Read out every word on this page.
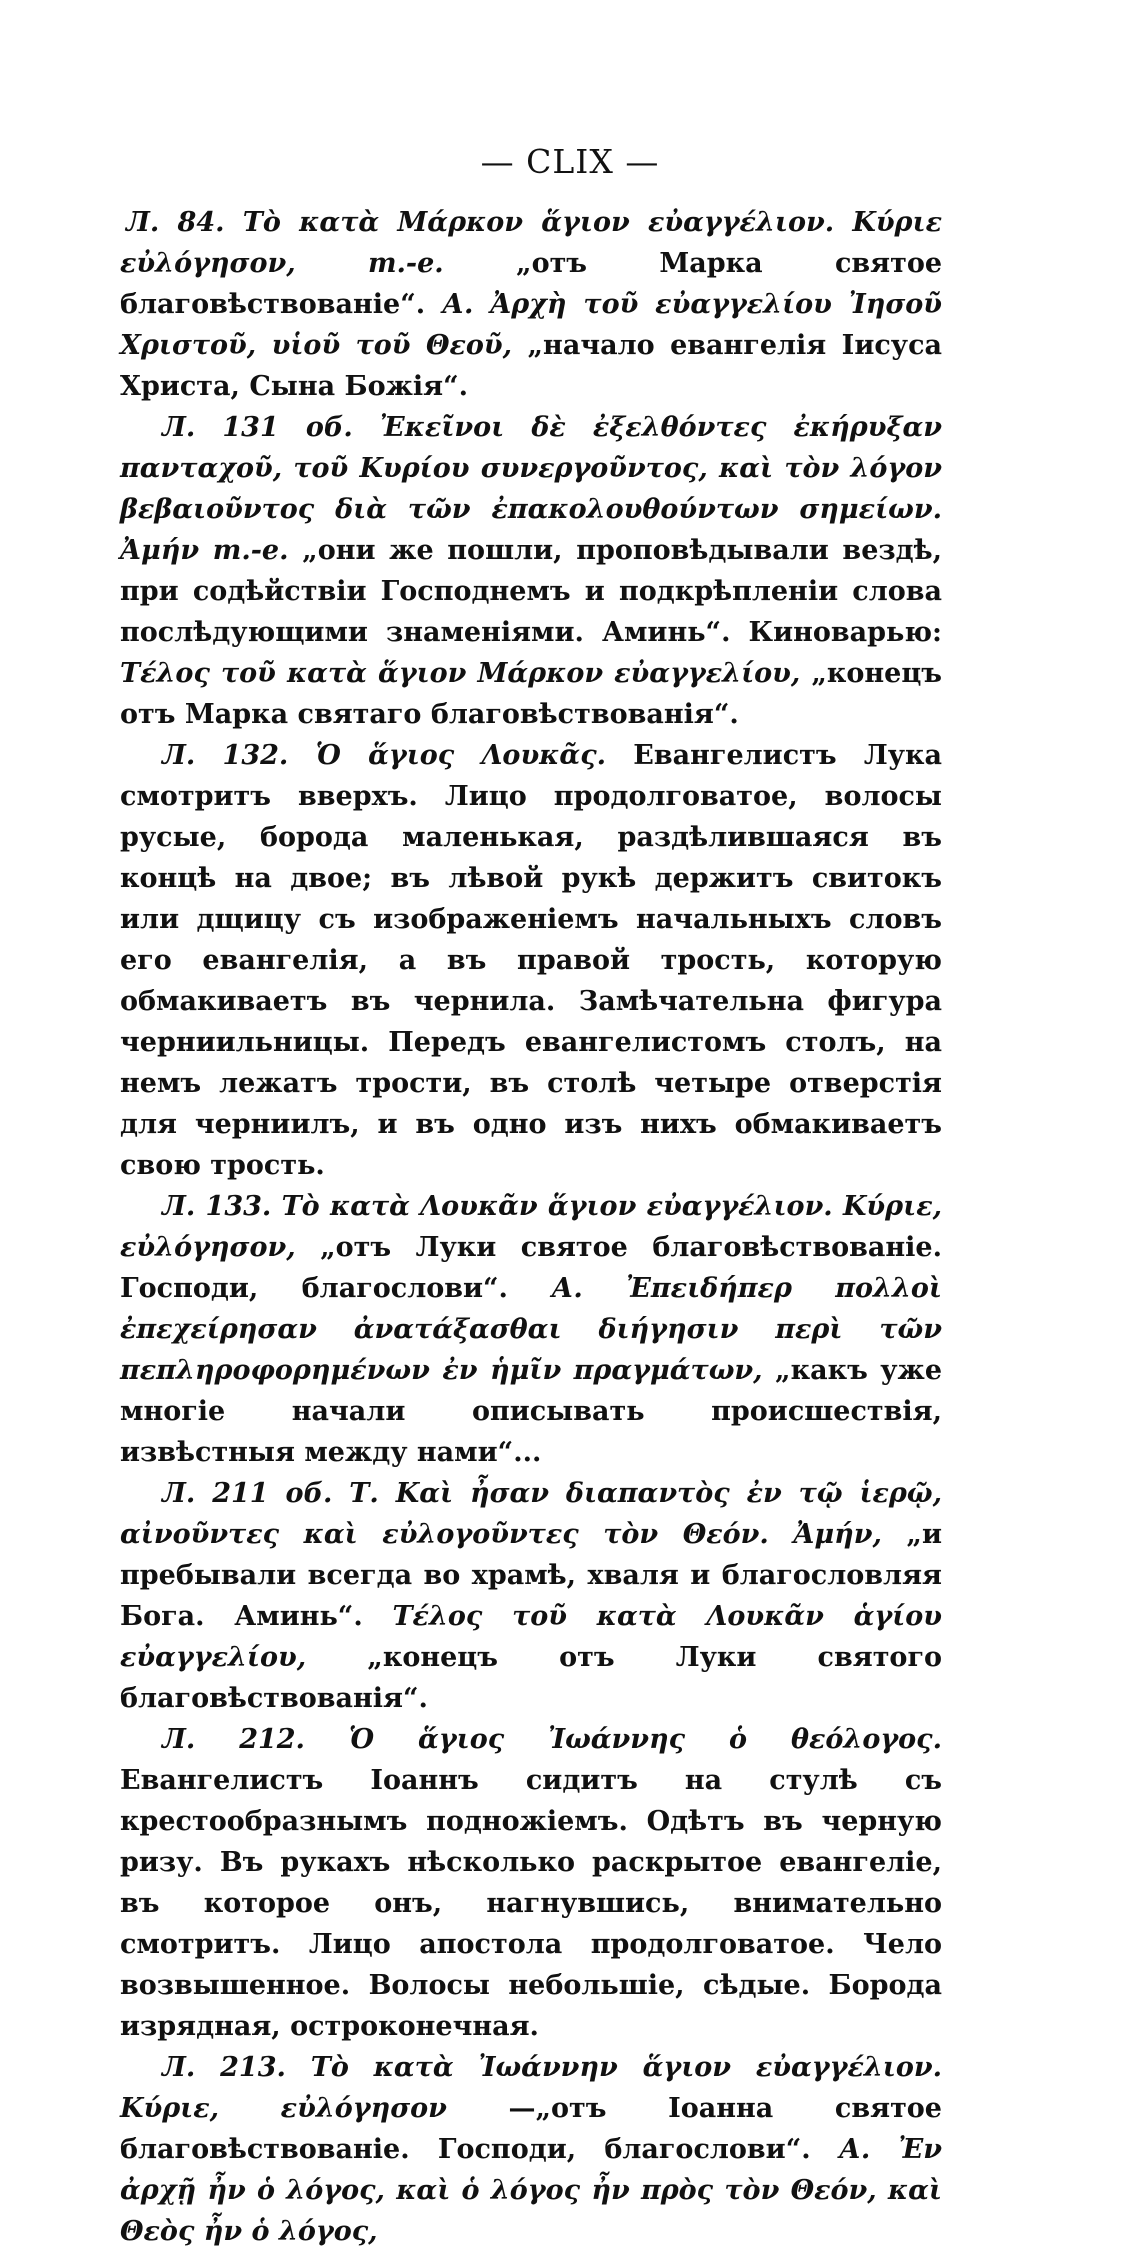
— CLIX —

Л. 84. Τὸ κατὰ Μάρκον ἅγιον εὐαγγέλιον. Κύριε εὐλόγησον, т.-е. „отъ Марка святое благовѣствованіе“. А. Ἀρχὴ τοῦ εὐαγγελίου Ἰησοῦ Χριστοῦ, υἱοῦ τοῦ Θεοῦ, „начало евангелія Іисуса Христа, Сына Божія“.

Л. 131 об. Ἐκεῖνοι δὲ ἐξελθόντες ἐκήρυξαν πανταχοῦ, τοῦ Κυρίου συνεργοῦντος, καὶ τὸν λόγον βεβαιοῦντος διὰ τῶν ἐπακολουθούντων σημείων. Ἀμήν т.-е. „они же пошли, проповѣдывали вездѣ, при содѣйствіи Господнемъ и подкрѣпленіи слова послѣдующими знаменіями. Аминь“. Киноварью: Τέλος τοῦ κατὰ ἅγιον Μάρκον εὐαγγελίου, „конецъ отъ Марка святаго благовѣствованія“.

Л. 132. Ὁ ἅγιος Λουκᾶς. Евангелистъ Лука смотритъ вверхъ. Лицо продолговатое, волосы русые, борода маленькая, раздѣлившаяся въ концѣ на двое; въ лѣвой рукѣ держитъ свитокъ или дщицу съ изображеніемъ начальныхъ словъ его евангелія, а въ правой трость, которую обмакиваетъ въ чернила. Замѣчательна фигура черниильницы. Передъ евангелистомъ столъ, на немъ лежатъ трости, въ столѣ четыре отверстія для черниилъ, и въ одно изъ нихъ обмакиваетъ свою трость.

Л. 133. Τὸ κατὰ Λουκᾶν ἅγιον εὐαγγέλιον. Κύριε, εὐλόγησον, „отъ Луки святое благовѣствованіе. Господи, благослови“. А. Ἐπειδήπερ πολλοὶ ἐπεχείρησαν ἀνατάξασθαι διήγησιν περὶ τῶν πεπληροφορημένων ἐν ἡμῖν πραγμάτων, „какъ уже многіе начали описывать происшествія, извѣстныя между нами“...

Л. 211 об. Т. Καὶ ἦσαν διαπαντὸς ἐν τῷ ἱερῷ, αἰνοῦντες καὶ εὐλογοῦντες τὸν Θεόν. Ἀμήν, „и пребывали всегда во храмѣ, хваля и благословляя Бога. Аминь“. Τέλος τοῦ κατὰ Λουκᾶν ἁγίου εὐαγγελίου, „конецъ отъ Луки святого благовѣствованія“.

Л. 212. Ὁ ἅγιος Ἰωάννης ὁ θεόλογος. Евангелистъ Іоаннъ сидитъ на стулѣ съ крестообразнымъ подножіемъ. Одѣтъ въ черную ризу. Въ рукахъ нѣсколько раскрытое евангеліе, въ которое онъ, нагнувшись, внимательно смотритъ. Лицо апостола продолговатое. Чело возвышенное. Волосы небольшіе, сѣдые. Борода изрядная, остроконечная.

Л. 213. Τὸ κατὰ Ἰωάννην ἅγιον εὐαγγέλιον. Κύριε, εὐλόγησον —„отъ Іоанна святое благовѣствованіе. Господи, благослови“. А. Ἐν ἀρχῇ ἦν ὁ λόγος, καὶ ὁ λόγος ἦν πρὸς τὸν Θεόν, καὶ Θεὸς ἦν ὁ λόγος,
